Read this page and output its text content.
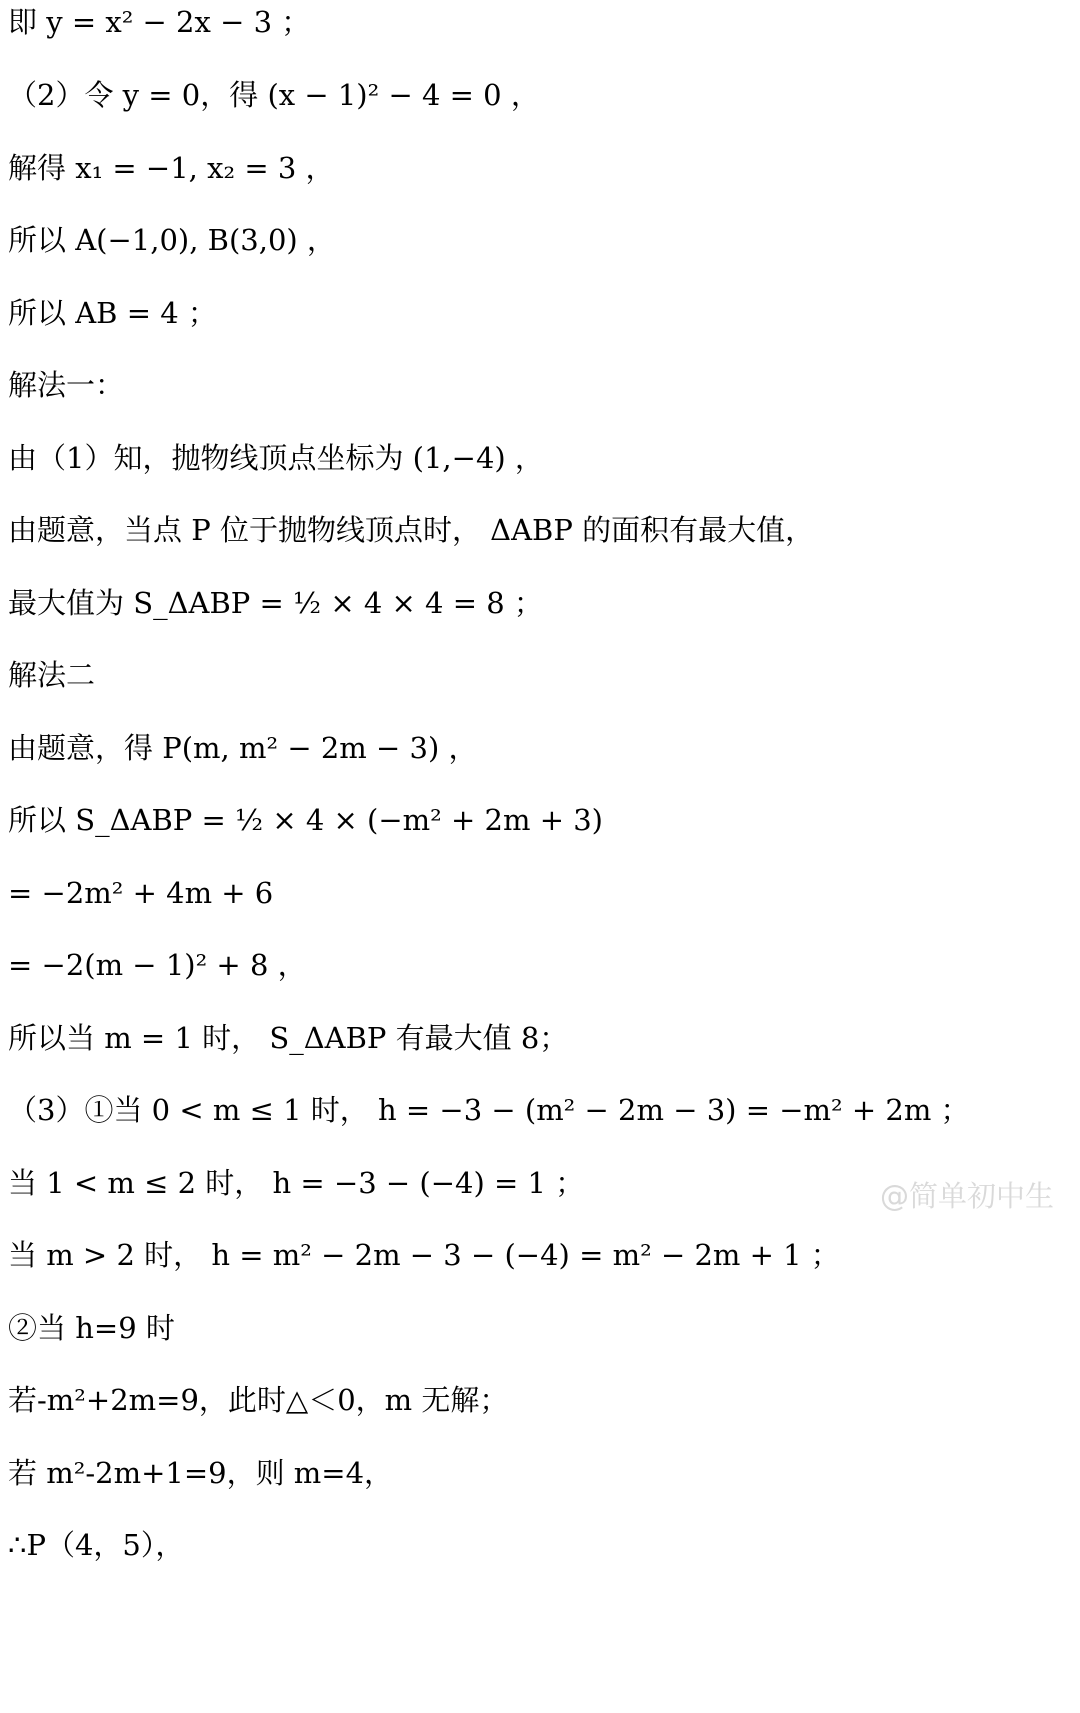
即 y = x² − 2x − 3 ；
（2）令 y = 0，得 (x − 1)² − 4 = 0 ，
解得 x₁ = −1, x₂ = 3 ，
所以 A(−1,0), B(3,0) ，
所以 AB = 4 ；
解法一：
由（1）知，抛物线顶点坐标为 (1,−4) ，
由题意，当点 P 位于抛物线顶点时， ΔABP 的面积有最大值，
最大值为 S_ΔABP = ½ × 4 × 4 = 8 ；
解法二
由题意，得 P(m, m² − 2m − 3) ，
所以 S_ΔABP = ½ × 4 × (−m² + 2m + 3)
= −2m² + 4m + 6
= −2(m − 1)² + 8 ，
所以当 m = 1 时， S_ΔABP 有最大值 8；
（3）①当 0 < m ≤ 1 时， h = −3 − (m² − 2m − 3) = −m² + 2m ；
当 1 < m ≤ 2 时， h = −3 − (−4) = 1 ；
当 m > 2 时， h = m² − 2m − 3 − (−4) = m² − 2m + 1 ；
②当 h=9 时
若-m²+2m=9，此时△＜0，m 无解；
若 m²-2m+1=9，则 m=4，
∴P（4，5），
@简单初中生
